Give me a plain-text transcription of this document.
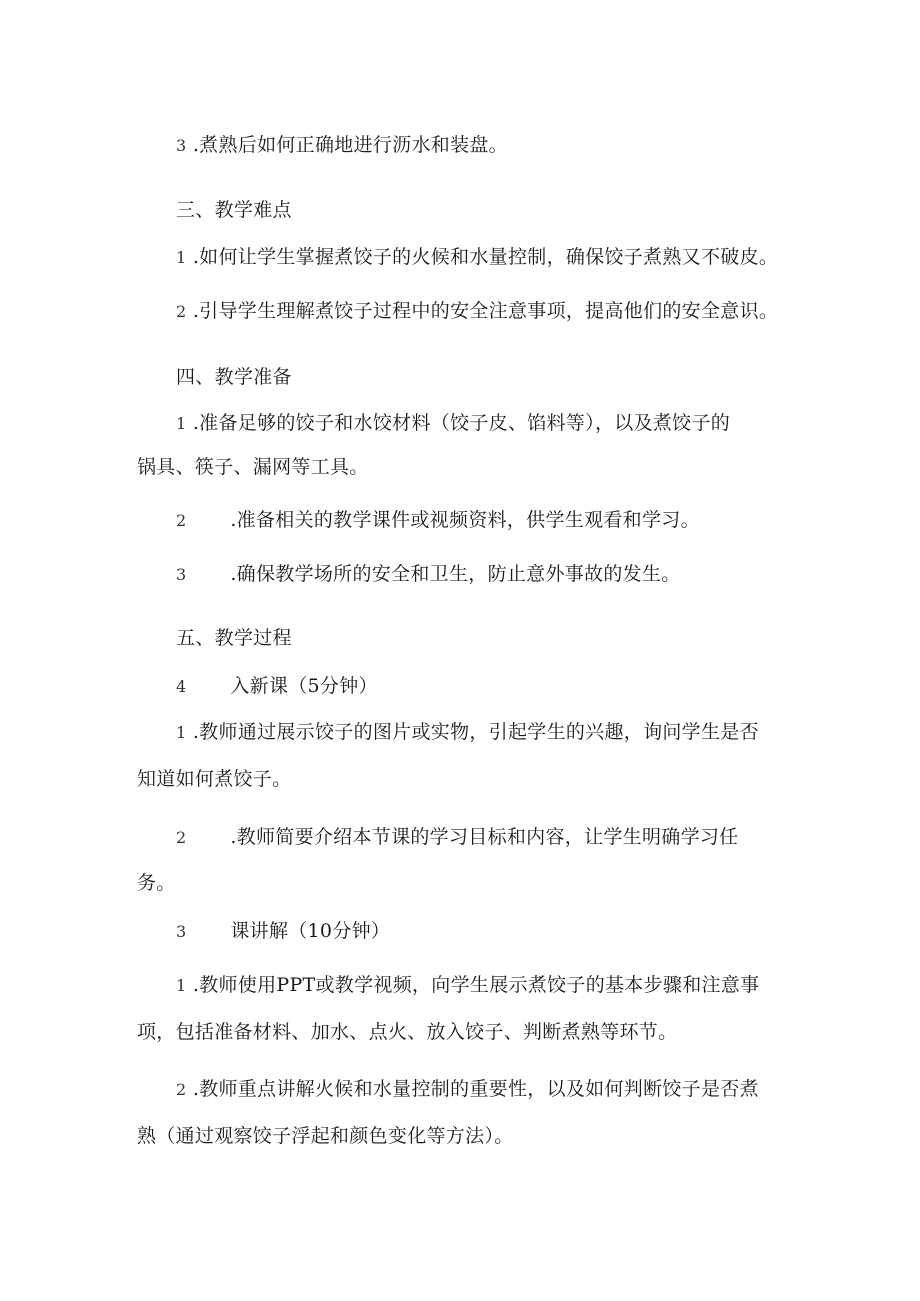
3 .煮熟后如何正确地进行沥水和装盘。
三、教学难点
1 .如何让学生掌握煮饺子的火候和水量控制，确保饺子煮熟又不破皮。
2 .引导学生理解煮饺子过程中的安全注意事项，提高他们的安全意识。
四、教学准备
1 .准备足够的饺子和水饺材料（饺子皮、馅料等），以及煮饺子的
锅具、筷子、漏网等工具。
2 .准备相关的教学课件或视频资料，供学生观看和学习。
3 .确保教学场所的安全和卫生，防止意外事故的发生。
五、教学过程
4 入新课（5分钟）
1 .教师通过展示饺子的图片或实物，引起学生的兴趣，询问学生是否
知道如何煮饺子。
2 .教师简要介绍本节课的学习目标和内容，让学生明确学习任
务。
3 课讲解（10分钟）
1 .教师使用PPT或教学视频，向学生展示煮饺子的基本步骤和注意事
项，包括准备材料、加水、点火、放入饺子、判断煮熟等环节。
2 .教师重点讲解火候和水量控制的重要性，以及如何判断饺子是否煮
熟（通过观察饺子浮起和颜色变化等方法）。
